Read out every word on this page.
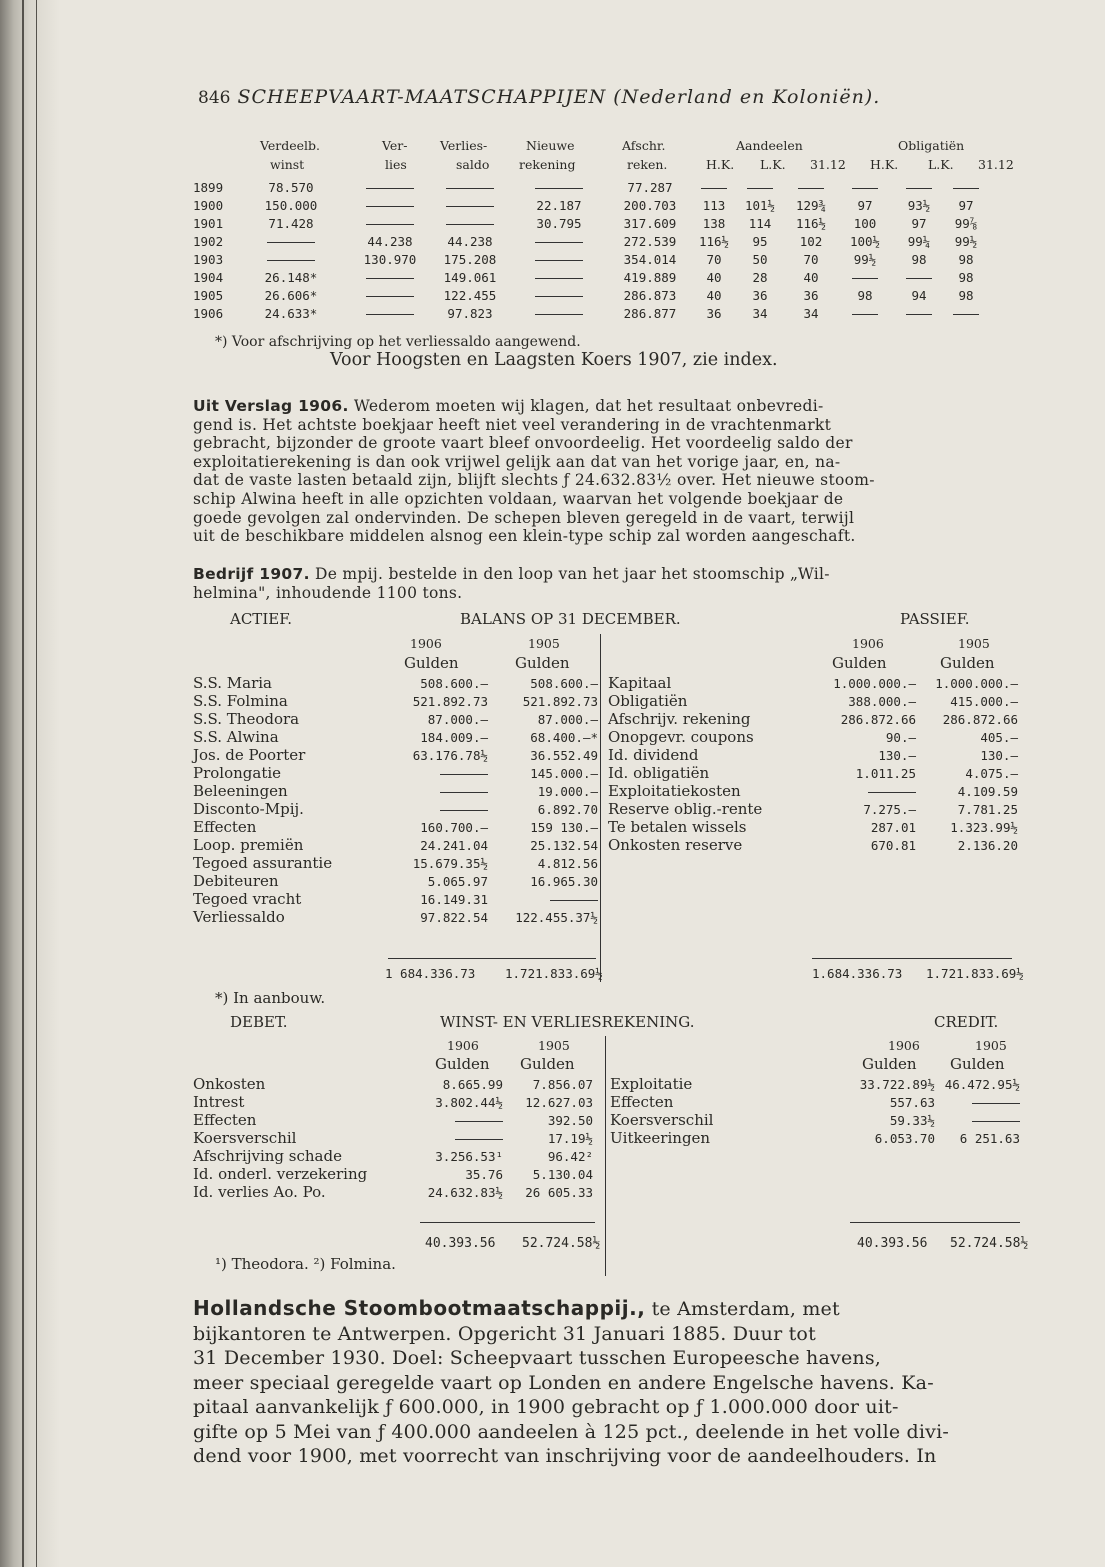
846 SCHEEPVAART-MAATSCHAPPIJEN (Nederland en Koloniën).
Verdeelb.	Ver-	Verlies-	Nieuwe	Afschr.	Aandeelen	Obligatiën
winst	lies	saldo rekening	reken.	H.K. L.K. 31.12 H.K. L.K. 31.12
1899	78.570				77.287						
1900	150.000			22.187	200.703	113	101½	129¾	97	93½	97
1901	71.428			30.795	317.609	138	114	116½	100	97	99⅞
1902		44.238	44.238		272.539	116½	95	102	100½	99¼	99½
1903		130.970	175.208		354.014	70	50	70	99½	98	98
1904	26.148*		149.061		419.889	40	28	40			98
1905	26.606*		122.455		286.873	40	36	36	98	94	98
1906	24.633*		97.823		286.877	36	34	34			
*) Voor afschrijving op het verliessaldo aangewend.
Voor Hoogsten en Laagsten Koers 1907, zie index.
Uit Verslag 1906. Wederom moeten wij klagen, dat het resultaat onbevredi-
gend is. Het achtste boekjaar heeft niet veel verandering in de vrachtenmarkt
gebracht, bijzonder de groote vaart bleef onvoordeelig. Het voordeelig saldo der
exploitatierekening is dan ook vrijwel gelijk aan dat van het vorige jaar, en, na-
dat de vaste lasten betaald zijn, blijft slechts ƒ 24.632.83½ over. Het nieuwe stoom-
schip Alwina heeft in alle opzichten voldaan, waarvan het volgende boekjaar de
goede gevolgen zal ondervinden. De schepen bleven geregeld in de vaart, terwijl
uit de beschikbare middelen alsnog een klein-type schip zal worden aangeschaft.
Bedrijf 1907. De mpij. bestelde in den loop van het jaar het stoomschip „Wil-
helmina", inhoudende 1100 tons.
ACTIEF.	BALANS OP 31 DECEMBER.	PASSIEF.
1906	1905	1906	1905
Gulden	Gulden	Gulden	Gulden
S.S. Maria	508.600.—	508.600.—
S.S. Folmina	521.892.73	521.892.73
S.S. Theodora	87.000.—	87.000.—
S.S. Alwina	184.009.—	68.400.—*
Jos. de Poorter	63.176.78½	36.552.49
Prolongatie		145.000.—
Beleeningen		19.000.—
Disconto-Mpij.		6.892.70
Effecten	160.700.—	159 130.—
Loop. premiën	24.241.04	25.132.54
Tegoed assurantie	15.679.35½	4.812.56
Debiteuren	5.065.97	16.965.30
Tegoed vracht	16.149.31	
Verliessaldo	97.822.54	122.455.37½
Kapitaal	1.000.000.—	1.000.000.—
Obligatiën	388.000.—	415.000.—
Afschrijv. rekening	286.872.66	286.872.66
Onopgevr. coupons	90.—	405.—
Id. dividend	130.—	130.—
Id. obligatiën	1.011.25	4.075.—
Exploitatiekosten		4.109.59
Reserve oblig.-rente	7.275.—	7.781.25
Te betalen wissels	287.01	1.323.99½
Onkosten reserve	670.81	2.136.20
1 684.336.73 1.721.833.69½	1.684.336.73 1.721.833.69½
*) In aanbouw.
DEBET.	WINST- EN VERLIESREKENING.	CREDIT.
1906	1905	1906	1905
Gulden Gulden	Gulden Gulden
Onkosten	8.665.99	7.856.07
Intrest	3.802.44½	12.627.03
Effecten		392.50
Koersverschil		17.19½
Afschrijving schade	3.256.53¹	96.42²
Id. onderl. verzekering	35.76	5.130.04
Id. verlies Ao. Po.	24.632.83½	26 605.33
Exploitatie	33.722.89½	46.472.95½
Effecten	557.63	
Koersverschil	59.33½	
Uitkeeringen	6.053.70	6 251.63
40.393.56 52.724.58½	40.393.56 52.724.58½
¹) Theodora. ²) Folmina.
Hollandsche Stoombootmaatschappij., te Amsterdam, met
bijkantoren te Antwerpen. Opgericht 31 Januari 1885. Duur tot
31 December 1930. Doel: Scheepvaart tusschen Europeesche havens,
meer speciaal geregelde vaart op Londen en andere Engelsche havens. Ka-
pitaal aanvankelijk ƒ 600.000, in 1900 gebracht op ƒ 1.000.000 door uit-
gifte op 5 Mei van ƒ 400.000 aandeelen à 125 pct., deelende in het volle divi-
dend voor 1900, met voorrecht van inschrijving voor de aandeelhouders. In
